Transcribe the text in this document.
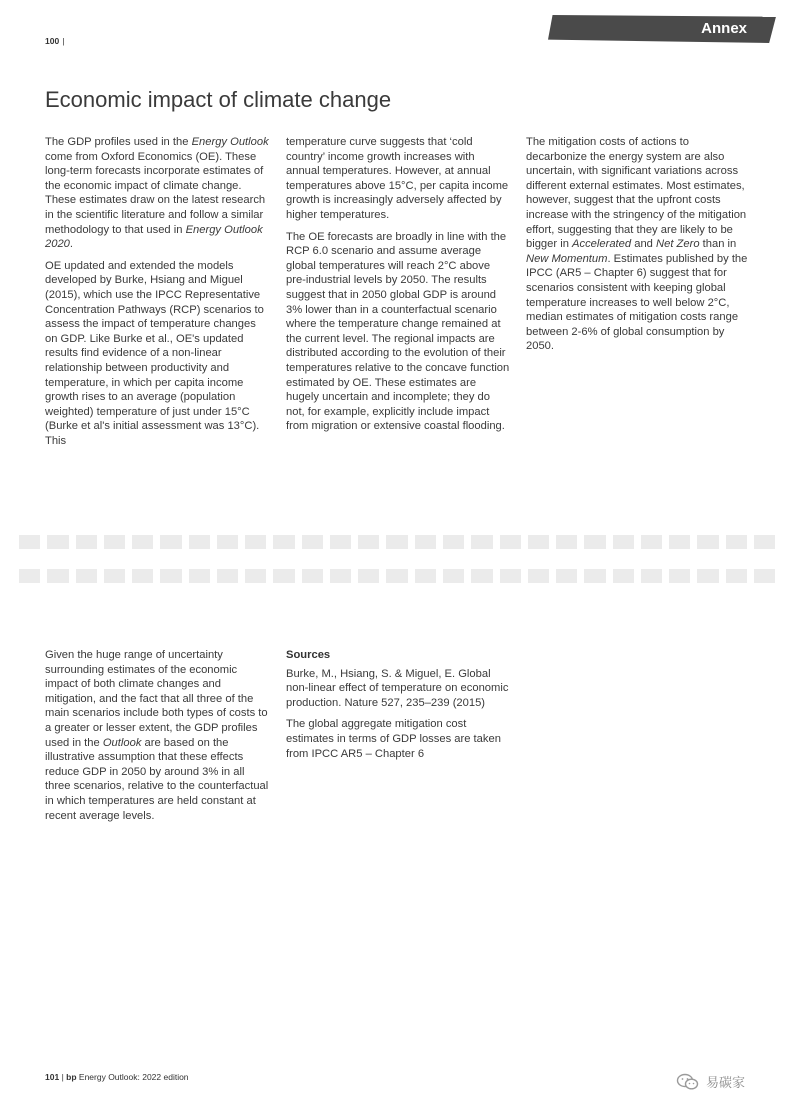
100 |
Annex
Economic impact of climate change

The GDP profiles used in the Energy Outlook come from Oxford Economics (OE). These long-term forecasts incorporate estimates of the economic impact of climate change. These estimates draw on the latest research in the scientific literature and follow a similar methodology to that used in Energy Outlook 2020.

OE updated and extended the models developed by Burke, Hsiang and Miguel (2015), which use the IPCC Representative Concentration Pathways (RCP) scenarios to assess the impact of temperature changes on GDP. Like Burke et al., OE's updated results find evidence of a non-linear relationship between productivity and temperature, in which per capita income growth rises to an average (population weighted) temperature of just under 15°C (Burke et al's initial assessment was 13°C). This

temperature curve suggests that ‘cold country’ income growth increases with annual temperatures. However, at annual temperatures above 15°C, per capita income growth is increasingly adversely affected by higher temperatures.

The OE forecasts are broadly in line with the RCP 6.0 scenario and assume average global temperatures will reach 2°C above pre-industrial levels by 2050. The results suggest that in 2050 global GDP is around 3% lower than in a counterfactual scenario where the temperature change remained at the current level. The regional impacts are distributed according to the evolution of their temperatures relative to the concave function estimated by OE. These estimates are hugely uncertain and incomplete; they do not, for example, explicitly include impact from migration or extensive coastal flooding.

The mitigation costs of actions to decarbonize the energy system are also uncertain, with significant variations across different external estimates. Most estimates, however, suggest that the upfront costs increase with the stringency of the mitigation effort, suggesting that they are likely to be bigger in Accelerated and Net Zero than in New Momentum. Estimates published by the IPCC (AR5 – Chapter 6) suggest that for scenarios consistent with keeping global temperature increases to well below 2°C, median estimates of mitigation costs range between 2-6% of global consumption by 2050.

Given the huge range of uncertainty surrounding estimates of the economic impact of both climate changes and mitigation, and the fact that all three of the main scenarios include both types of costs to a greater or lesser extent, the GDP profiles used in the Outlook are based on the illustrative assumption that these effects reduce GDP in 2050 by around 3% in all three scenarios, relative to the counterfactual in which temperatures are held constant at recent average levels.

Sources

Burke, M., Hsiang, S. & Miguel, E. Global non-linear effect of temperature on economic production. Nature 527, 235–239 (2015)

The global aggregate mitigation cost estimates in terms of GDP losses are taken from IPCC AR5 – Chapter 6

101 | bp Energy Outlook: 2022 edition	易碳家
